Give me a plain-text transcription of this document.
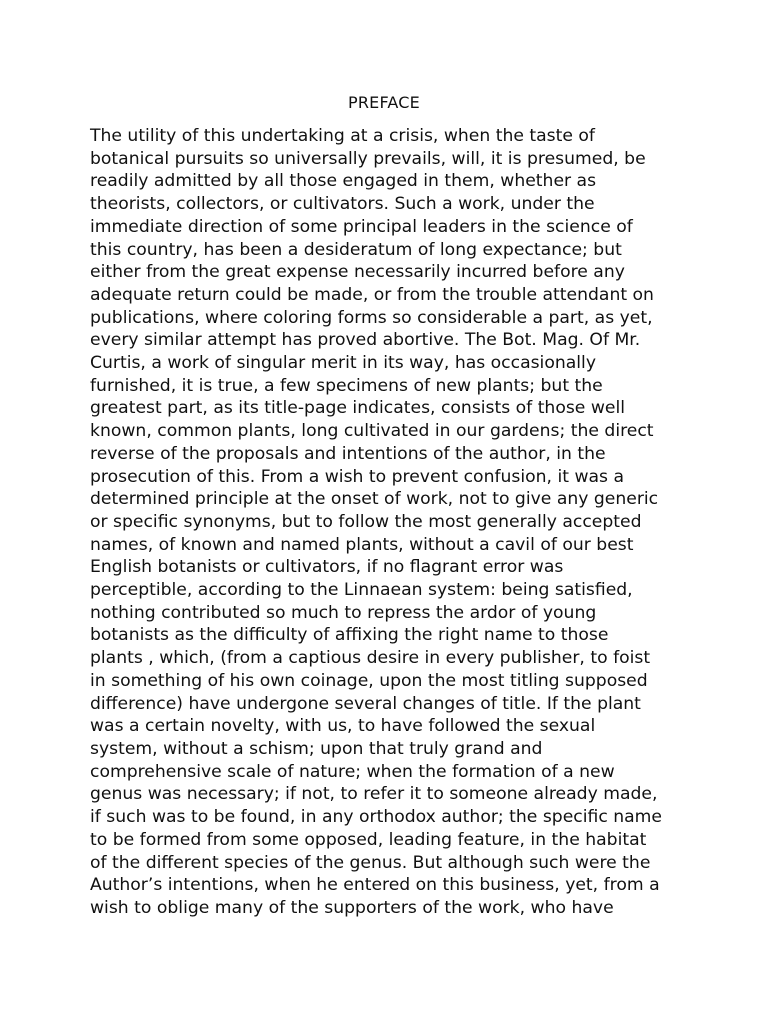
PREFACE
The utility of this undertaking at a crisis, when the taste of
botanical pursuits so universally prevails, will, it is presumed, be
readily admitted by all those engaged in them, whether as
theorists, collectors, or cultivators. Such a work, under the
immediate direction of some principal leaders in the science of
this country, has been a desideratum of long expectance; but
either from the great expense necessarily incurred before any
adequate return could be made, or from the trouble attendant on
publications, where coloring forms so considerable a part, as yet,
every similar attempt has proved abortive. The Bot. Mag. Of Mr.
Curtis, a work of singular merit in its way, has occasionally
furnished, it is true, a few specimens of new plants; but the
greatest part, as its title-page indicates, consists of those well
known, common plants, long cultivated in our gardens; the direct
reverse of the proposals and intentions of the author, in the
prosecution of this. From a wish to prevent confusion, it was a
determined principle at the onset of work, not to give any generic
or specific synonyms, but to follow the most generally accepted
names, of known and named plants, without a cavil of our best
English botanists or cultivators, if no flagrant error was
perceptible, according to the Linnaean system: being satisfied,
nothing contributed so much to repress the ardor of young
botanists as the difficulty of affixing the right name to those
plants , which, (from a captious desire in every publisher, to foist
in something of his own coinage, upon the most titling supposed
difference) have undergone several changes of title. If the plant
was a certain novelty, with us, to have followed the sexual
system, without a schism; upon that truly grand and
comprehensive scale of nature; when the formation of a new
genus was necessary; if not, to refer it to someone already made,
if such was to be found, in any orthodox author; the specific name
to be formed from some opposed, leading feature, in the habitat
of the different species of the genus. But although such were the
Author’s intentions, when he entered on this business, yet, from a
wish to oblige many of the supporters of the work, who have
